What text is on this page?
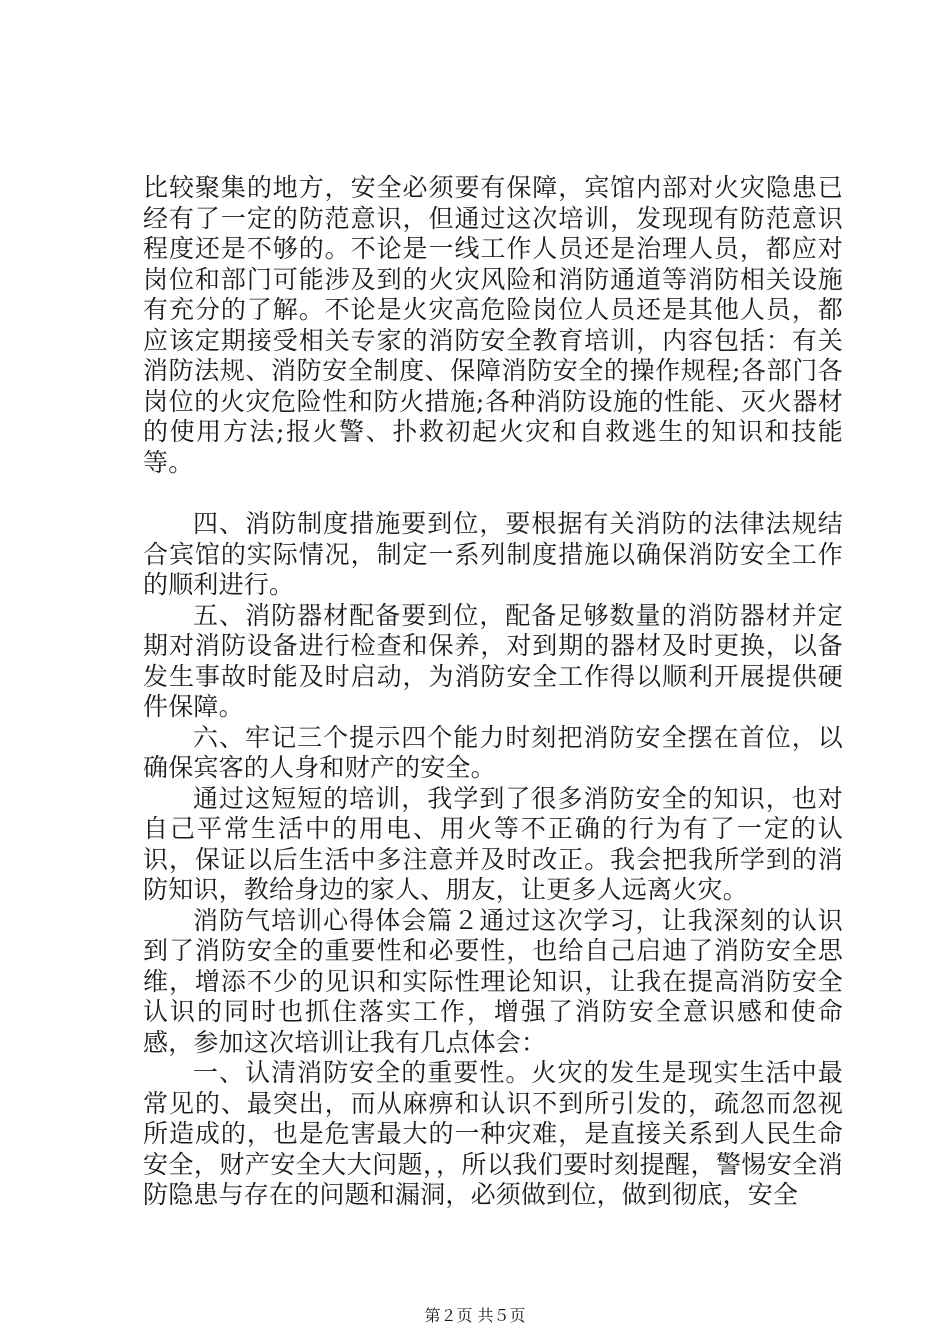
比较聚集的地方，安全必须要有保障，宾馆内部对火灾隐患已经有了一定的防范意识，但通过这次培训，发现现有防范意识程度还是不够的。不论是一线工作人员还是治理人员，都应对岗位和部门可能涉及到的火灾风险和消防通道等消防相关设施有充分的了解。不论是火灾高危险岗位人员还是其他人员，都应该定期接受相关专家的消防安全教育培训，内容包括：有关消防法规、消防安全制度、保障消防安全的操作规程;各部门各岗位的火灾危险性和防火措施;各种消防设施的性能、灭火器材的使用方法;报火警、扑救初起火灾和自救逃生的知识和技能等。

四、消防制度措施要到位，要根据有关消防的法律法规结合宾馆的实际情况，制定一系列制度措施以确保消防安全工作的顺利进行。

五、消防器材配备要到位，配备足够数量的消防器材并定期对消防设备进行检查和保养，对到期的器材及时更换，以备发生事故时能及时启动，为消防安全工作得以顺利开展提供硬件保障。

六、牢记三个提示四个能力时刻把消防安全摆在首位，以确保宾客的人身和财产的安全。

通过这短短的培训，我学到了很多消防安全的知识，也对自己平常生活中的用电、用火等不正确的行为有了一定的认识，保证以后生活中多注意并及时改正。我会把我所学到的消防知识，教给身边的家人、朋友，让更多人远离火灾。

消防气培训心得体会篇２通过这次学习，让我深刻的认识到了消防安全的重要性和必要性，也给自己启迪了消防安全思维，增添不少的见识和实际性理论知识，让我在提高消防安全认识的同时也抓住落实工作，增强了消防安全意识感和使命感，参加这次培训让我有几点体会：

一、认清消防安全的重要性。火灾的发生是现实生活中最常见的、最突出，而从麻痹和认识不到所引发的，疏忽而忽视所造成的，也是危害最大的一种灾难，是直接关系到人民生命安全，财产安全大大问题，，所以我们要时刻提醒，警惕安全消防隐患与存在的问题和漏洞，必须做到位，做到彻底，安全

第２页 共５页
